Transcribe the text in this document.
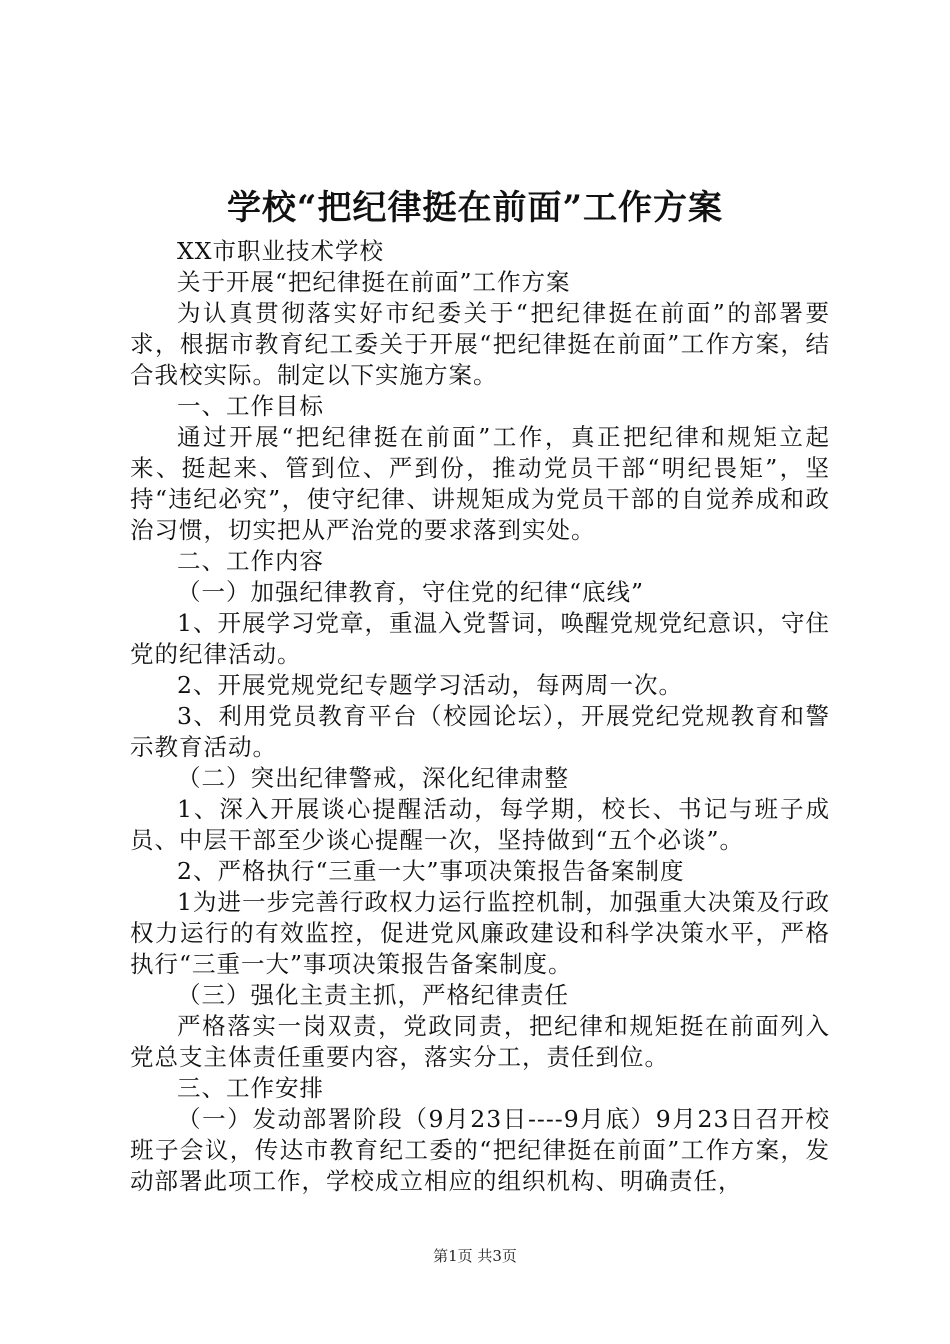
学校“把纪律挺在前面”工作方案

XX市职业技术学校

关于开展“把纪律挺在前面”工作方案

为认真贯彻落实好市纪委关于“把纪律挺在前面”的部署要求，根据市教育纪工委关于开展“把纪律挺在前面”工作方案，结合我校实际。制定以下实施方案。

一、工作目标

通过开展“把纪律挺在前面”工作，真正把纪律和规矩立起来、挺起来、管到位、严到份，推动党员干部“明纪畏矩”，坚持“违纪必究”，使守纪律、讲规矩成为党员干部的自觉养成和政治习惯，切实把从严治党的要求落到实处。

二、工作内容

（一）加强纪律教育，守住党的纪律“底线”

1、开展学习党章，重温入党誓词，唤醒党规党纪意识，守住党的纪律活动。

2、开展党规党纪专题学习活动，每两周一次。

3、利用党员教育平台（校园论坛），开展党纪党规教育和警示教育活动。

（二）突出纪律警戒，深化纪律肃整

1、深入开展谈心提醒活动，每学期，校长、书记与班子成员、中层干部至少谈心提醒一次，坚持做到“五个必谈”。

2、严格执行“三重一大”事项决策报告备案制度

1为进一步完善行政权力运行监控机制，加强重大决策及行政权力运行的有效监控，促进党风廉政建设和科学决策水平，严格执行“三重一大”事项决策报告备案制度。

（三）强化主责主抓，严格纪律责任

严格落实一岗双责，党政同责，把纪律和规矩挺在前面列入党总支主体责任重要内容，落实分工，责任到位。

三、工作安排

（一）发动部署阶段（9月23日----9月底）9月23日召开校班子会议，传达市教育纪工委的“把纪律挺在前面”工作方案，发动部署此项工作，学校成立相应的组织机构、明确责任，

第1页 共3页
